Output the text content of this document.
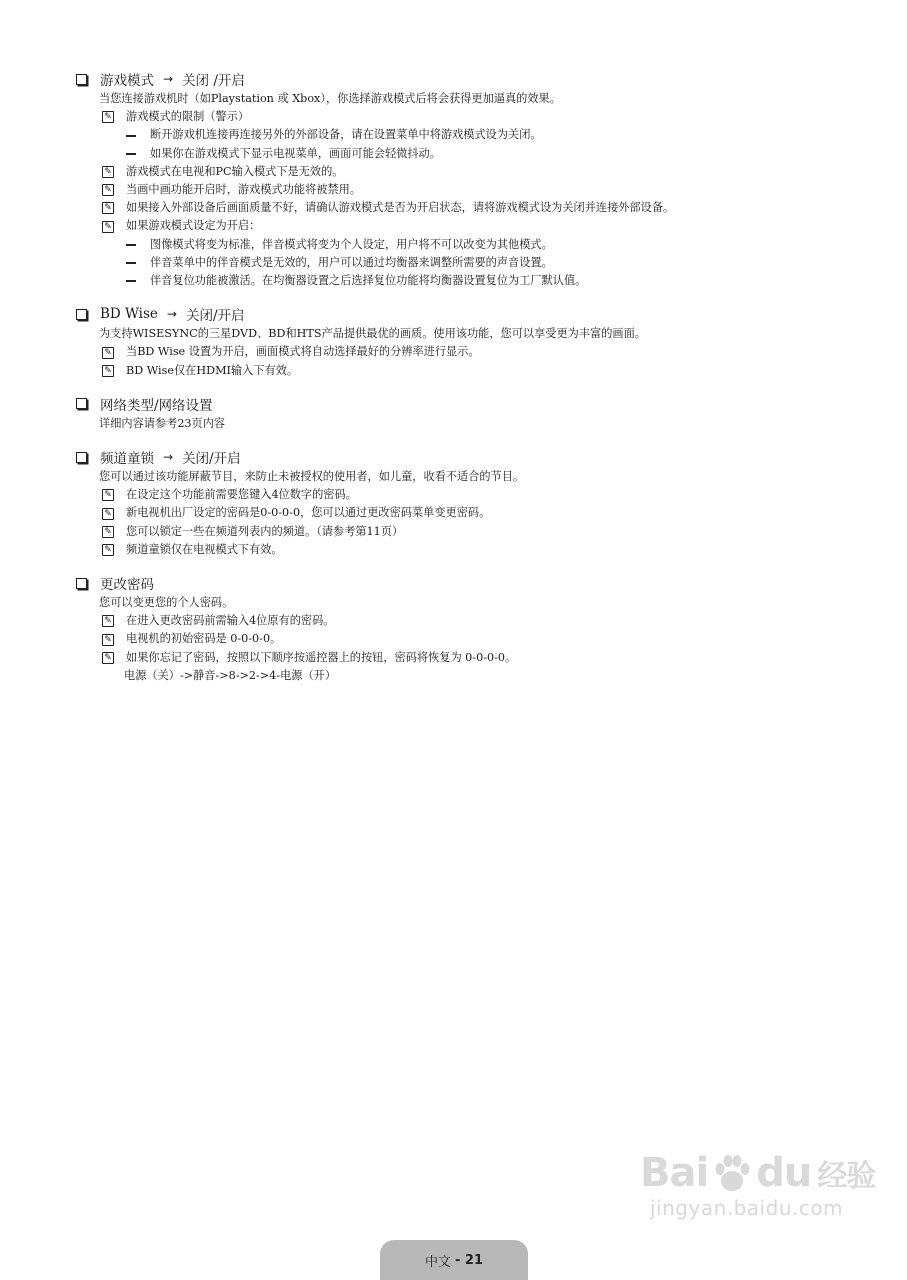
游戏模式 → 关闭 /开启
当您连接游戏机时（如Playstation 或 Xbox），你选择游戏模式后将会获得更加逼真的效果。
✎ 游戏模式的限制（警示）
断开游戏机连接再连接另外的外部设备，请在设置菜单中将游戏模式设为关闭。
如果你在游戏模式下显示电视菜单，画面可能会轻微抖动。
✎ 游戏模式在电视和PC输入模式下是无效的。
✎ 当画中画功能开启时，游戏模式功能将被禁用。
✎ 如果接入外部设备后画面质量不好，请确认游戏模式是否为开启状态，请将游戏模式设为关闭并连接外部设备。
✎ 如果游戏模式设定为开启：
图像模式将变为标准，伴音模式将变为个人设定，用户将不可以改变为其他模式。
伴音菜单中的伴音模式是无效的，用户可以通过均衡器来调整所需要的声音设置。
伴音复位功能被激活。在均衡器设置之后选择复位功能将均衡器设置复位为工厂默认值。
BD Wise → 关闭/开启
为支持WISESYNC的三星DVD、BD和HTS产品提供最优的画质。使用该功能，您可以享受更为丰富的画面。
✎ 当BD Wise 设置为开启，画面模式将自动选择最好的分辨率进行显示。
✎ BD Wise仅在HDMI输入下有效。
网络类型/网络设置
详细内容请参考23页内容
频道童锁 → 关闭/开启
您可以通过该功能屏蔽节目，来防止未被授权的使用者，如儿童，收看不适合的节目。
✎ 在设定这个功能前需要您键入4位数字的密码。
✎ 新电视机出厂设定的密码是0-0-0-0，您可以通过更改密码菜单变更密码。
✎ 您可以锁定一些在频道列表内的频道。（请参考第11页）
✎ 频道童锁仅在电视模式下有效。
更改密码
您可以变更您的个人密码。
✎ 在进入更改密码前需输入4位原有的密码。
✎ 电视机的初始密码是 0-0-0-0。
✎ 如果你忘记了密码，按照以下顺序按遥控器上的按钮，密码将恢复为 0-0-0-0。
电源（关）->静音->8->2->4-电源（开）
中文 - 21
Bai du 经验
jingyan.baidu.com
